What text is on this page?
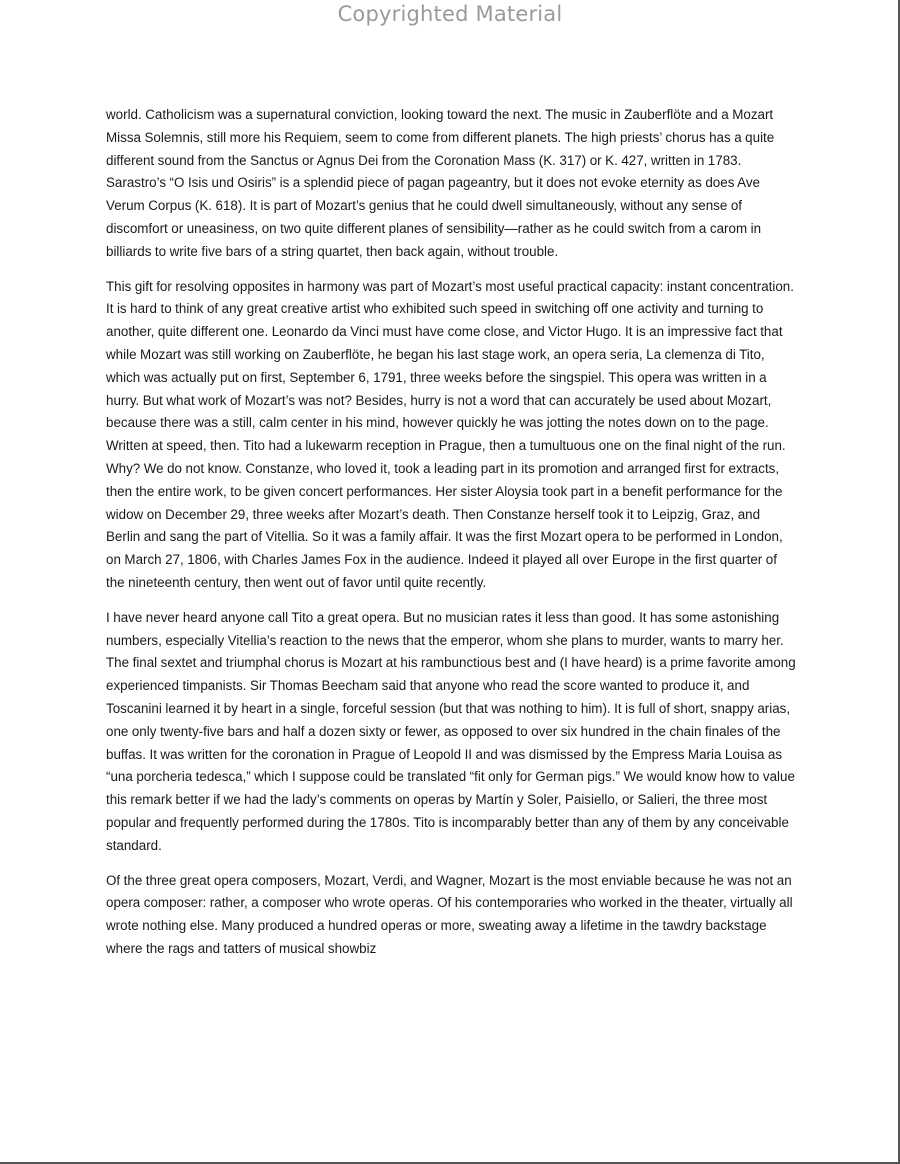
Copyrighted Material

world. Catholicism was a supernatural conviction, looking toward the next. The music in Zauberflöte and a Mozart Missa Solemnis, still more his Requiem, seem to come from different planets. The high priests’ chorus has a quite different sound from the Sanctus or Agnus Dei from the Coronation Mass (K. 317) or K. 427, written in 1783. Sarastro’s “O Isis und Osiris” is a splendid piece of pagan pageantry, but it does not evoke eternity as does Ave Verum Corpus (K. 618). It is part of Mozart’s genius that he could dwell simultaneously, without any sense of discomfort or uneasiness, on two quite different planes of sensibility—rather as he could switch from a carom in billiards to write five bars of a string quartet, then back again, without trouble.

This gift for resolving opposites in harmony was part of Mozart’s most useful practical capacity: instant concentration. It is hard to think of any great creative artist who exhibited such speed in switching off one activity and turning to another, quite different one. Leonardo da Vinci must have come close, and Victor Hugo. It is an impressive fact that while Mozart was still working on Zauberflöte, he began his last stage work, an opera seria, La clemenza di Tito, which was actually put on first, September 6, 1791, three weeks before the singspiel. This opera was written in a hurry. But what work of Mozart’s was not? Besides, hurry is not a word that can accurately be used about Mozart, because there was a still, calm center in his mind, however quickly he was jotting the notes down on to the page. Written at speed, then. Tito had a lukewarm reception in Prague, then a tumultuous one on the final night of the run. Why? We do not know. Constanze, who loved it, took a leading part in its promotion and arranged first for extracts, then the entire work, to be given concert performances. Her sister Aloysia took part in a benefit performance for the widow on December 29, three weeks after Mozart’s death. Then Constanze herself took it to Leipzig, Graz, and Berlin and sang the part of Vitellia. So it was a family affair. It was the first Mozart opera to be performed in London, on March 27, 1806, with Charles James Fox in the audience. Indeed it played all over Europe in the first quarter of the nineteenth century, then went out of favor until quite recently.

I have never heard anyone call Tito a great opera. But no musician rates it less than good. It has some astonishing numbers, especially Vitellia’s reaction to the news that the emperor, whom she plans to murder, wants to marry her. The final sextet and triumphal chorus is Mozart at his rambunctious best and (I have heard) is a prime favorite among experienced timpanists. Sir Thomas Beecham said that anyone who read the score wanted to produce it, and Toscanini learned it by heart in a single, forceful session (but that was nothing to him). It is full of short, snappy arias, one only twenty-five bars and half a dozen sixty or fewer, as opposed to over six hundred in the chain finales of the buffas. It was written for the coronation in Prague of Leopold II and was dismissed by the Empress Maria Louisa as “una porcheria tedesca,” which I suppose could be translated “fit only for German pigs.” We would know how to value this remark better if we had the lady’s comments on operas by Martín y Soler, Paisiello, or Salieri, the three most popular and frequently performed during the 1780s. Tito is incomparably better than any of them by any conceivable standard.

Of the three great opera composers, Mozart, Verdi, and Wagner, Mozart is the most enviable because he was not an opera composer: rather, a composer who wrote operas. Of his contemporaries who worked in the theater, virtually all wrote nothing else. Many produced a hundred operas or more, sweating away a lifetime in the tawdry backstage where the rags and tatters of musical showbiz
